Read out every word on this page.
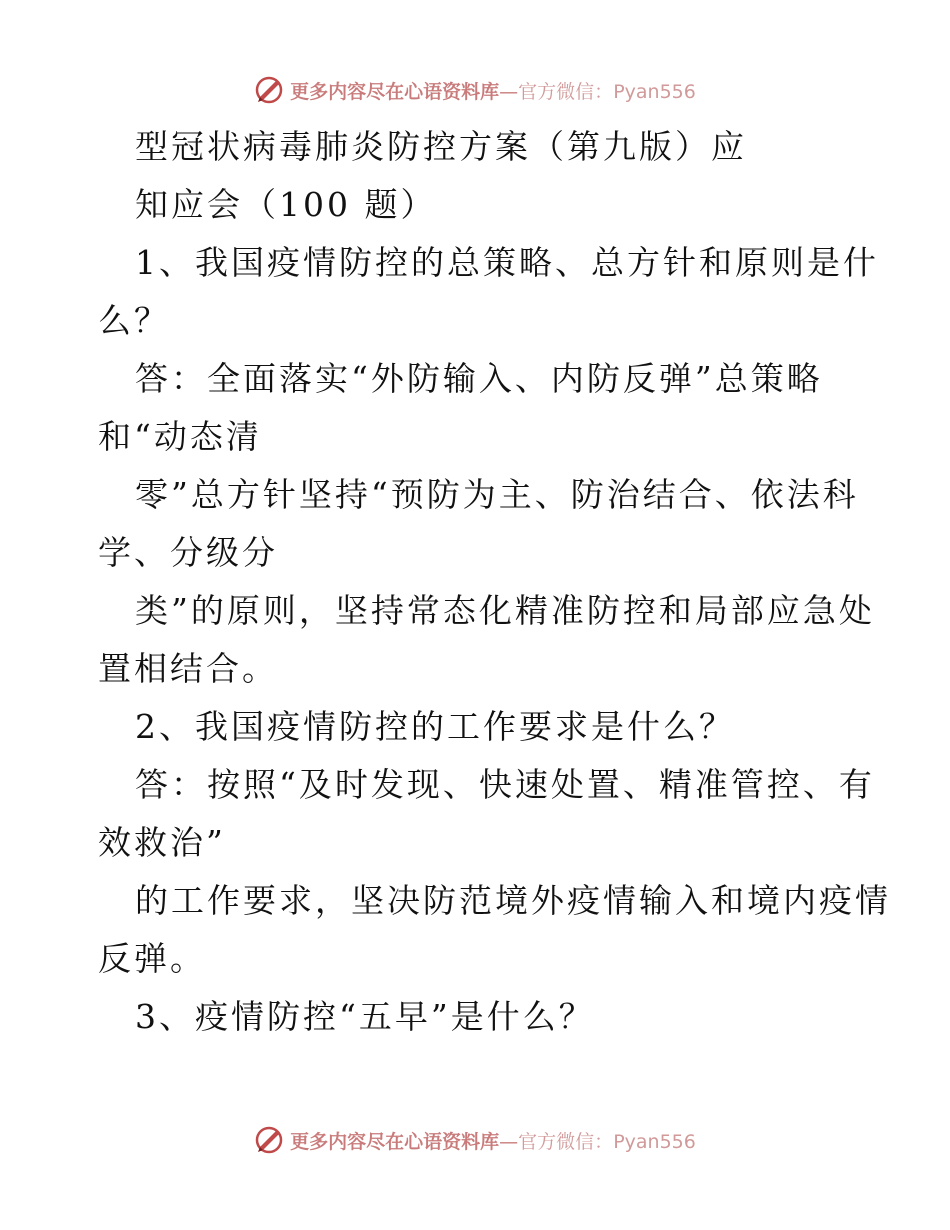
更多内容尽在心语资料库—官方微信：Pyan556
型冠状病毒肺炎防控方案（第九版）应
知应会（100 题）
1、我国疫情防控的总策略、总方针和原则是什
么？
答：全面落实“外防输入、内防反弹”总策略
和“动态清
零”总方针坚持“预防为主、防治结合、依法科
学、分级分
类”的原则，坚持常态化精准防控和局部应急处
置相结合。
2、我国疫情防控的工作要求是什么？
答：按照“及时发现、快速处置、精准管控、有
效救治”
的工作要求，坚决防范境外疫情输入和境内疫情
反弹。
3、疫情防控“五早”是什么？
更多内容尽在心语资料库—官方微信：Pyan556
